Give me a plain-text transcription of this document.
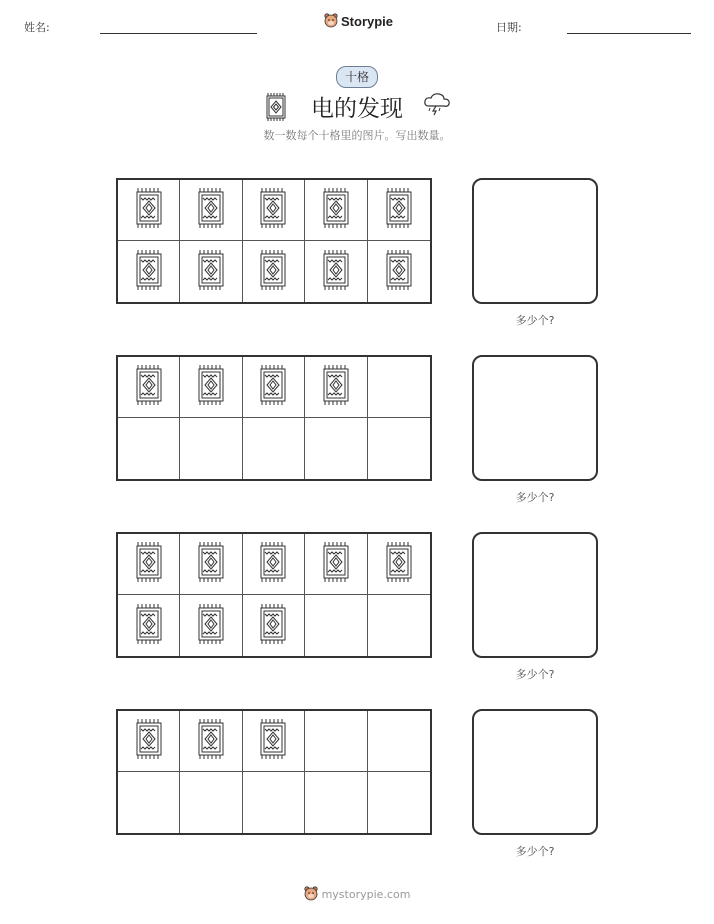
姓名:	Storypie	日期:
十格
电的发现
数一数每个十格里的图片。写出数量。
多少个?
多少个?
多少个?
多少个?
mystorypie.com
